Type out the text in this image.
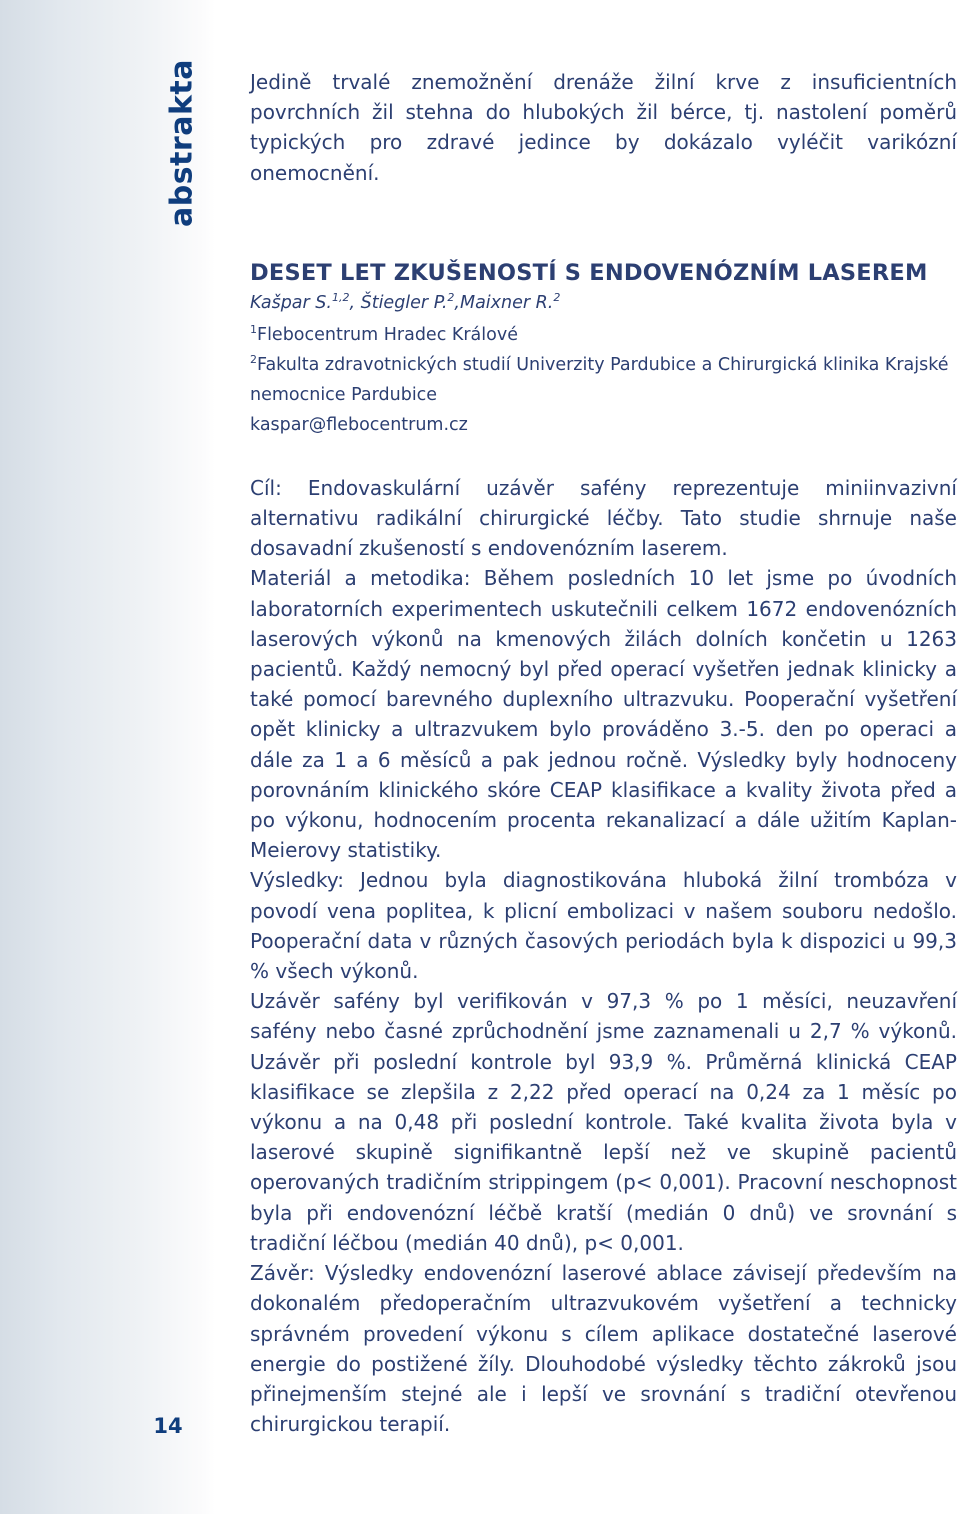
abstrakta
14

Jedině trvalé znemožnění drenáže žilní krve z insuficientních povrchních žil stehna do hlubokých žil bérce, tj. nastolení poměrů typických pro zdravé jedince by dokázalo vyléčit varikózní onemocnění.

DESET LET ZKUŠENOSTÍ S ENDOVENÓZNÍM LASEREM
Kašpar S.$^{1,2}$, Štiegler P.$^2$,Maixner R.$^2$
$^1$Flebocentrum Hradec Králové
$^2$Fakulta zdravotnických studií Univerzity Pardubice a Chirurgická klinika Krajské nemocnice Pardubice
kaspar@flebocentrum.cz

Cíl: Endovaskulární uzávěr safény reprezentuje miniinvazivní alternativu radikální chirurgické léčby. Tato studie shrnuje naše dosavadní zkušeností s endovenózním laserem.

Materiál a metodika: Během posledních 10 let jsme po úvodních laboratorních experimentech uskutečnili celkem 1672 endovenózních laserových výkonů na kmenových žilách dolních končetin u 1263 pacientů. Každý nemocný byl před operací vyšetřen jednak klinicky a také pomocí barevného duplexního ultrazvuku. Pooperační vyšetření opět klinicky a ultrazvukem bylo prováděno 3.-5. den po operaci a dále za 1 a 6 měsíců a pak jednou ročně. Výsledky byly hodnoceny porovnáním klinického skóre CEAP klasifikace a kvality života před a po výkonu, hodnocením procenta rekanalizací a dále užitím Kaplan-Meierovy statistiky.

Výsledky: Jednou byla diagnostikována hluboká žilní trombóza v povodí vena poplitea, k plicní embolizaci v našem souboru nedošlo. Pooperační data v různých časových periodách byla k dispozici u 99,3 % všech výkonů.

Uzávěr safény byl verifikován v 97,3 % po 1 měsíci, neuzavření safény nebo časné zprůchodnění jsme zaznamenali u 2,7 % výkonů. Uzávěr při poslední kontrole byl 93,9 %. Průměrná klinická CEAP klasifikace se zlepšila z 2,22 před operací na 0,24 za 1 měsíc po výkonu a na 0,48 při poslední kontrole. Také kvalita života byla v laserové skupině signifikantně lepší než ve skupině pacientů operovaných tradičním strippingem (p< 0,001). Pracovní neschopnost byla při endovenózní léčbě kratší (medián 0 dnů) ve srovnání s tradiční léčbou (medián 40 dnů), p< 0,001.

Závěr: Výsledky endovenózní laserové ablace závisejí především na dokonalém předoperačním ultrazvukovém vyšetření a technicky správném provedení výkonu s cílem aplikace dostatečné laserové energie do postižené žíly. Dlouhodobé výsledky těchto zákroků jsou přinejmenším stejné ale i lepší ve srovnání s tradiční otevřenou chirurgickou terapií.
